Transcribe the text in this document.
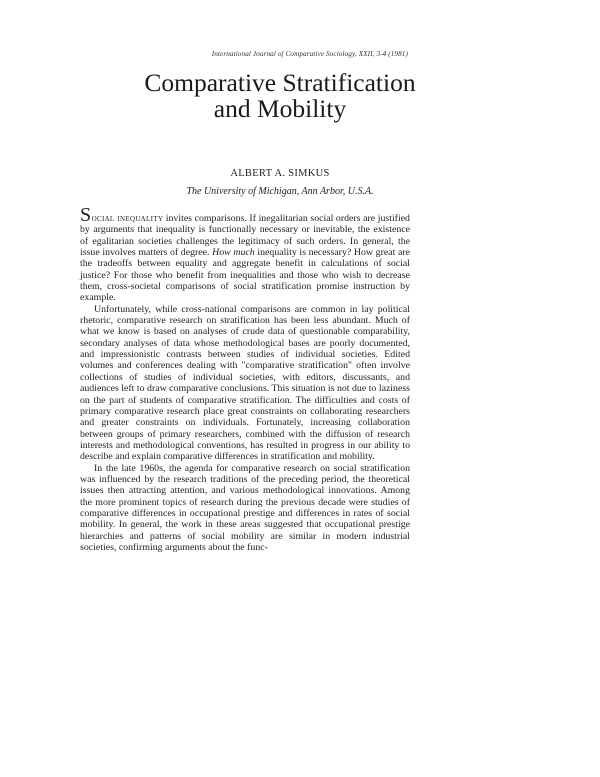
International Journal of Comparative Sociology, XXII, 3-4 (1981)
Comparative Stratification
and Mobility
ALBERT A. SIMKUS
The University of Michigan, Ann Arbor, U.S.A.

Social inequality invites comparisons. If inegalitarian social orders are justified by arguments that inequality is functionally necessary or inevitable, the existence of egalitarian societies challenges the legitimacy of such orders. In general, the issue involves matters of degree. How much inequality is necessary? How great are the tradeoffs between equality and aggregate benefit in calculations of social justice? For those who benefit from inequalities and those who wish to decrease them, cross-societal comparisons of social stratification promise instruction by example.

Unfortunately, while cross-national comparisons are common in lay political rhetoric, comparative research on stratification has been less abundant. Much of what we know is based on analyses of crude data of questionable comparability, secondary analyses of data whose methodological bases are poorly documented, and impressionistic contrasts between studies of individual societies. Edited volumes and conferences dealing with "comparative stratification" often involve collections of studies of individual societies, with editors, discussants, and audiences left to draw comparative conclusions. This situation is not due to laziness on the part of students of comparative stratification. The difficulties and costs of primary comparative research place great constraints on collaborating researchers and greater constraints on individuals. Fortunately, increasing collaboration between groups of primary researchers, combined with the diffusion of research interests and methodological conventions, has resulted in progress in our ability to describe and explain comparative differences in stratification and mobility.

In the late 1960s, the agenda for comparative research on social stratification was influenced by the research traditions of the preceding period, the theoretical issues then attracting attention, and various methodological innovations. Among the more prominent topics of research during the previous decade were studies of comparative differences in occupational prestige and differences in rates of social mobility. In general, the work in these areas suggested that occupational prestige hierarchies and patterns of social mobility are similar in modern industrial societies, confirming arguments about the func-
